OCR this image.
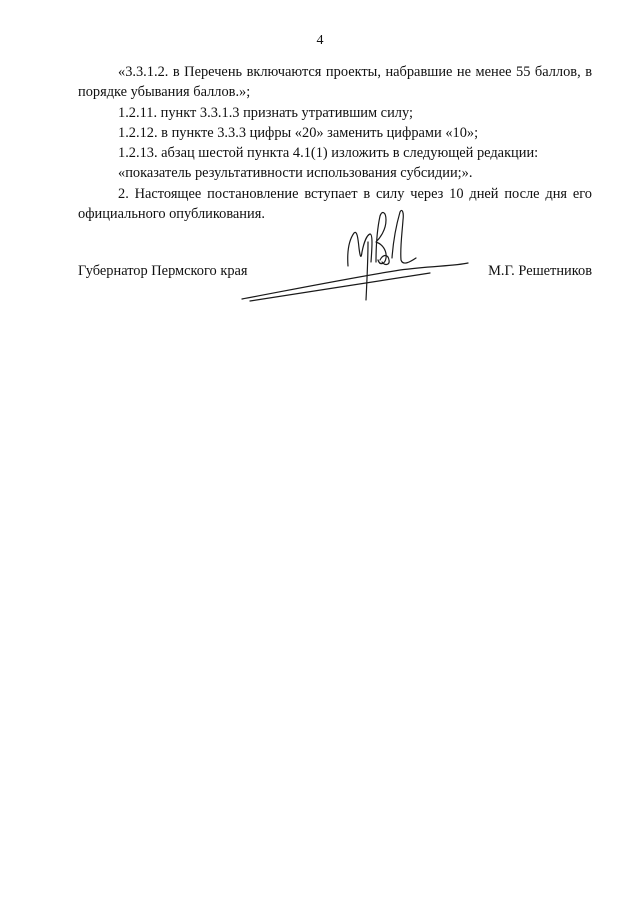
4

«3.3.1.2. в Перечень включаются проекты, набравшие не менее 55 баллов, в порядке убывания баллов.»;

1.2.11. пункт 3.3.1.3 признать утратившим силу;

1.2.12. в пункте 3.3.3 цифры «20» заменить цифрами «10»;

1.2.13. абзац шестой пункта 4.1(1) изложить в следующей редакции:

«показатель результативности использования субсидии;».

2. Настоящее постановление вступает в силу через 10 дней после дня его официального опубликования.

Губернатор Пермского края	М.Г. Решетников
